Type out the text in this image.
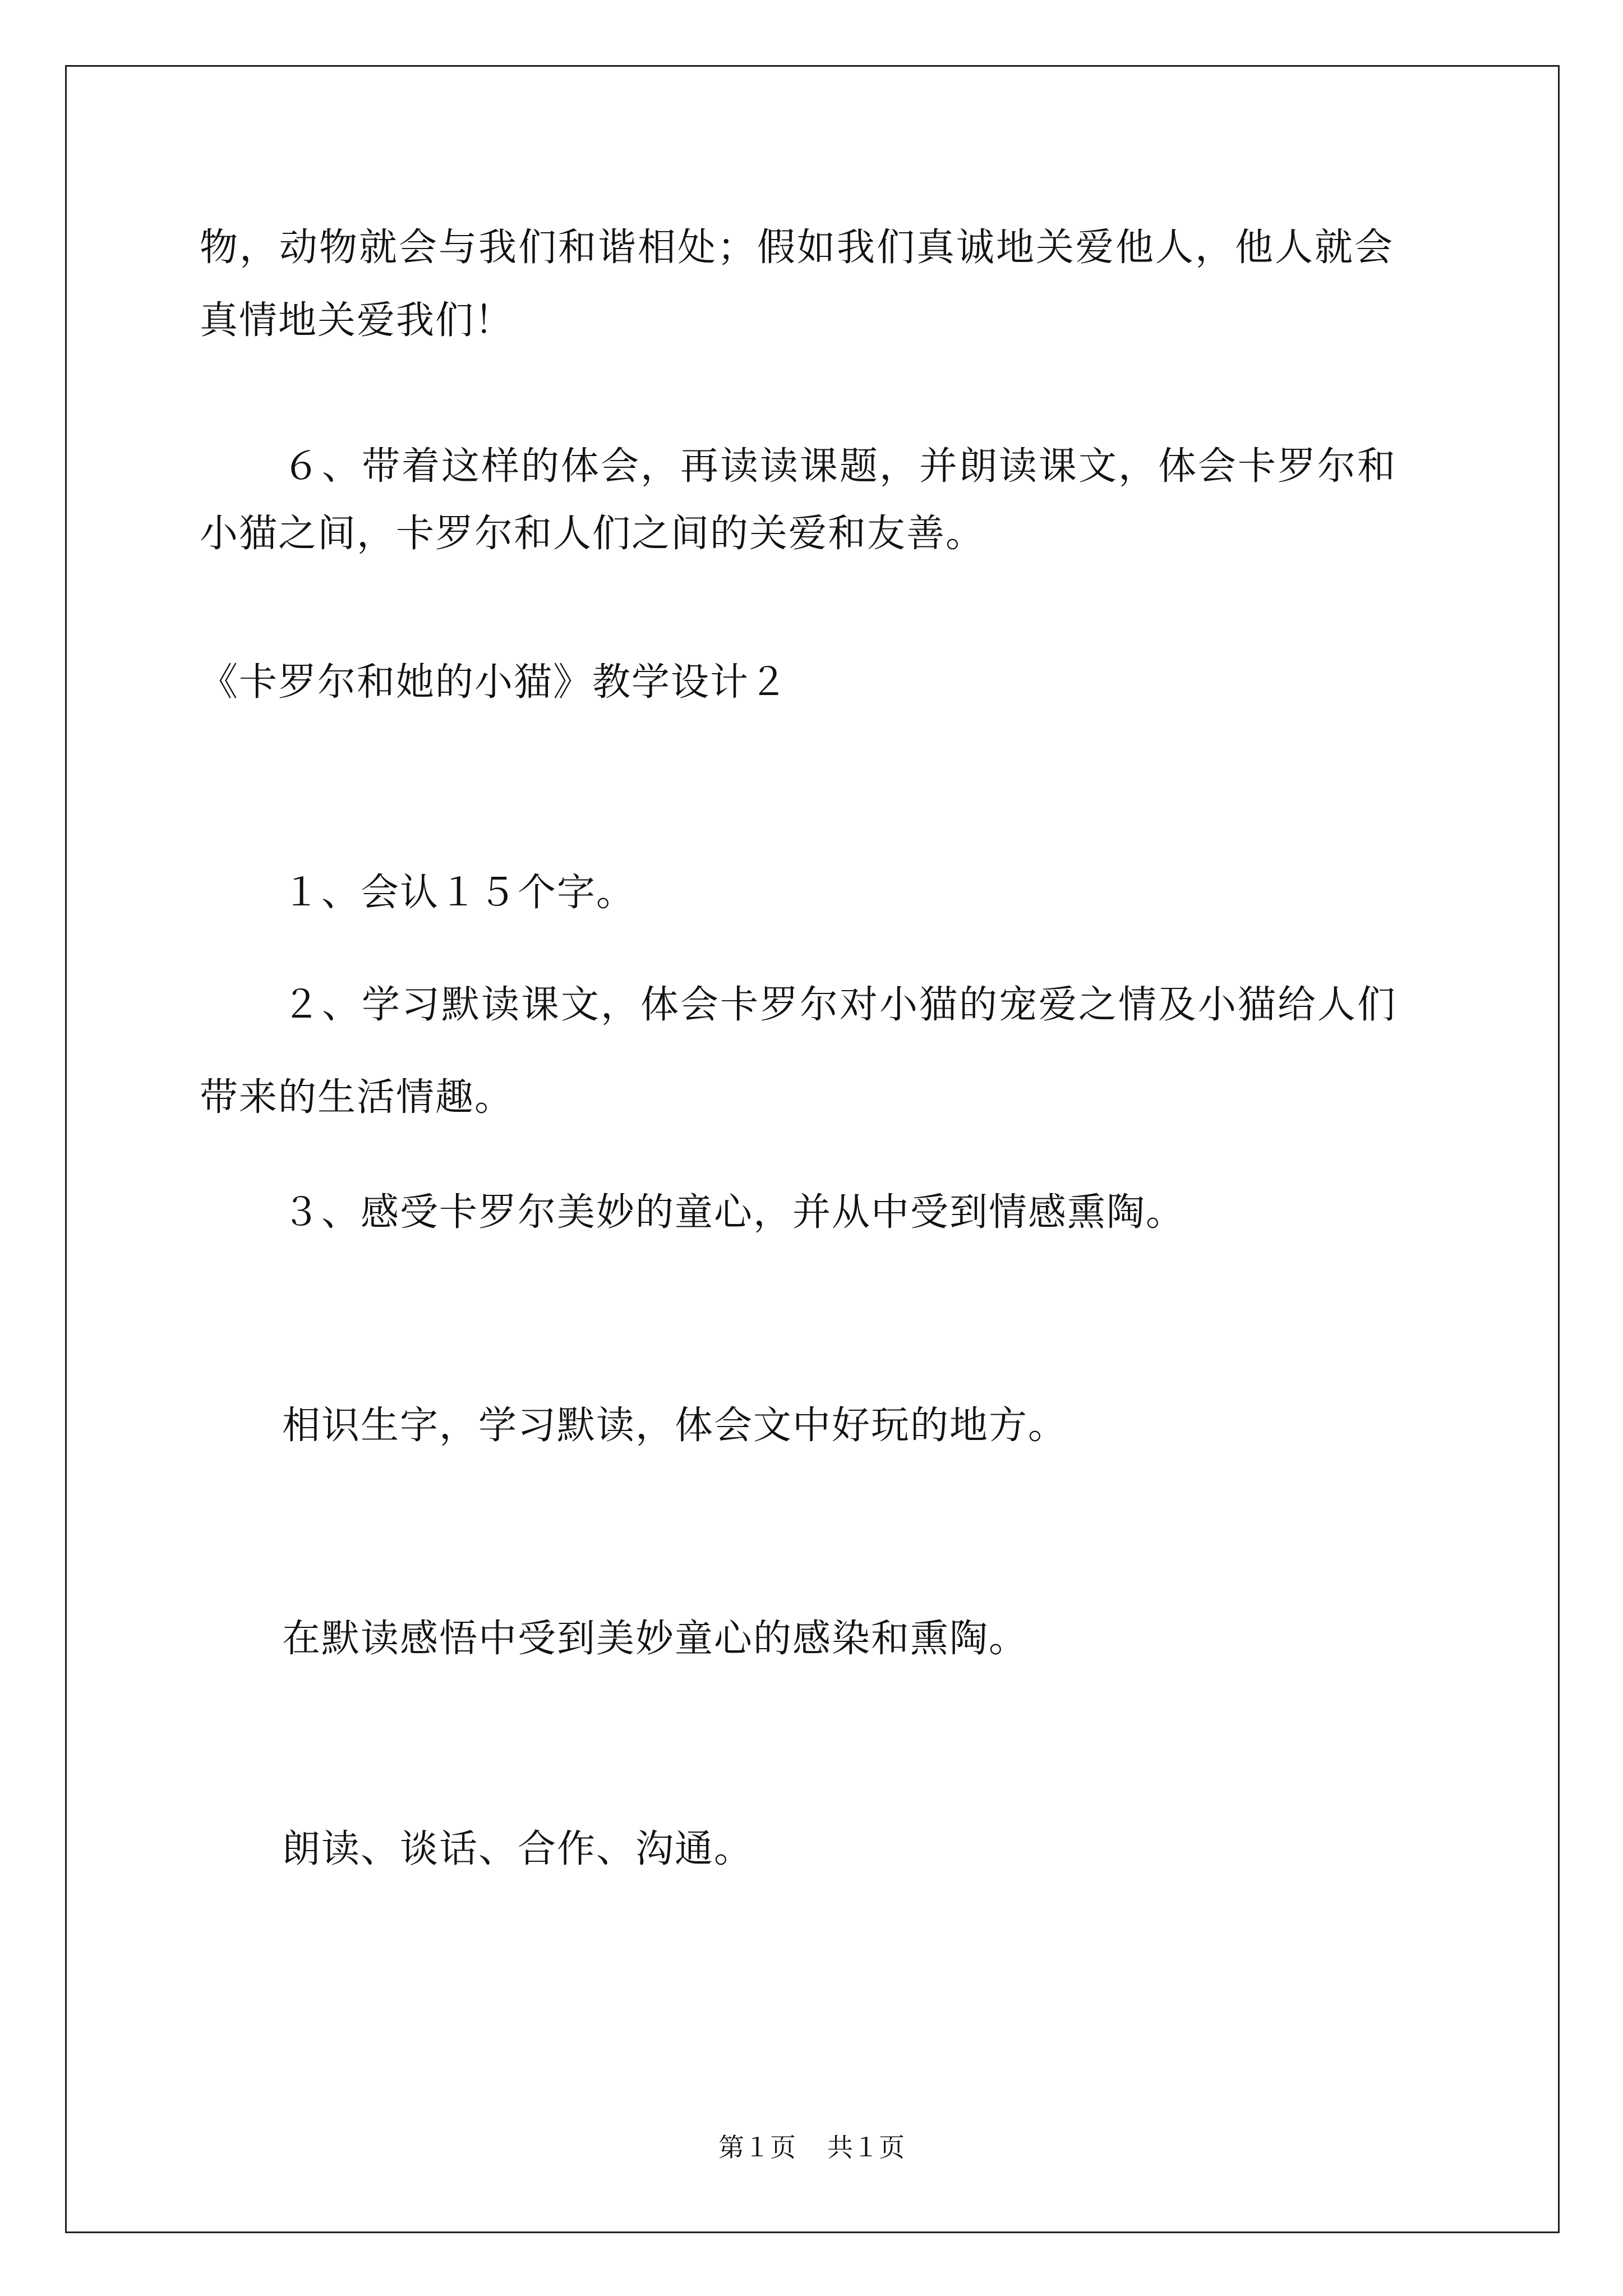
物，动物就会与我们和谐相处；假如我们真诚地关爱他人，他人就会
真情地关爱我们！
６、带着这样的体会，再读读课题，并朗读课文，体会卡罗尔和
小猫之间，卡罗尔和人们之间的关爱和友善。
《卡罗尔和她的小猫》教学设计２
１、会认１５个字。
２、学习默读课文，体会卡罗尔对小猫的宠爱之情及小猫给人们
带来的生活情趣。
３、感受卡罗尔美妙的童心，并从中受到情感熏陶。
相识生字，学习默读，体会文中好玩的地方。
在默读感悟中受到美妙童心的感染和熏陶。
朗读、谈话、合作、沟通。
第１页 共１页
